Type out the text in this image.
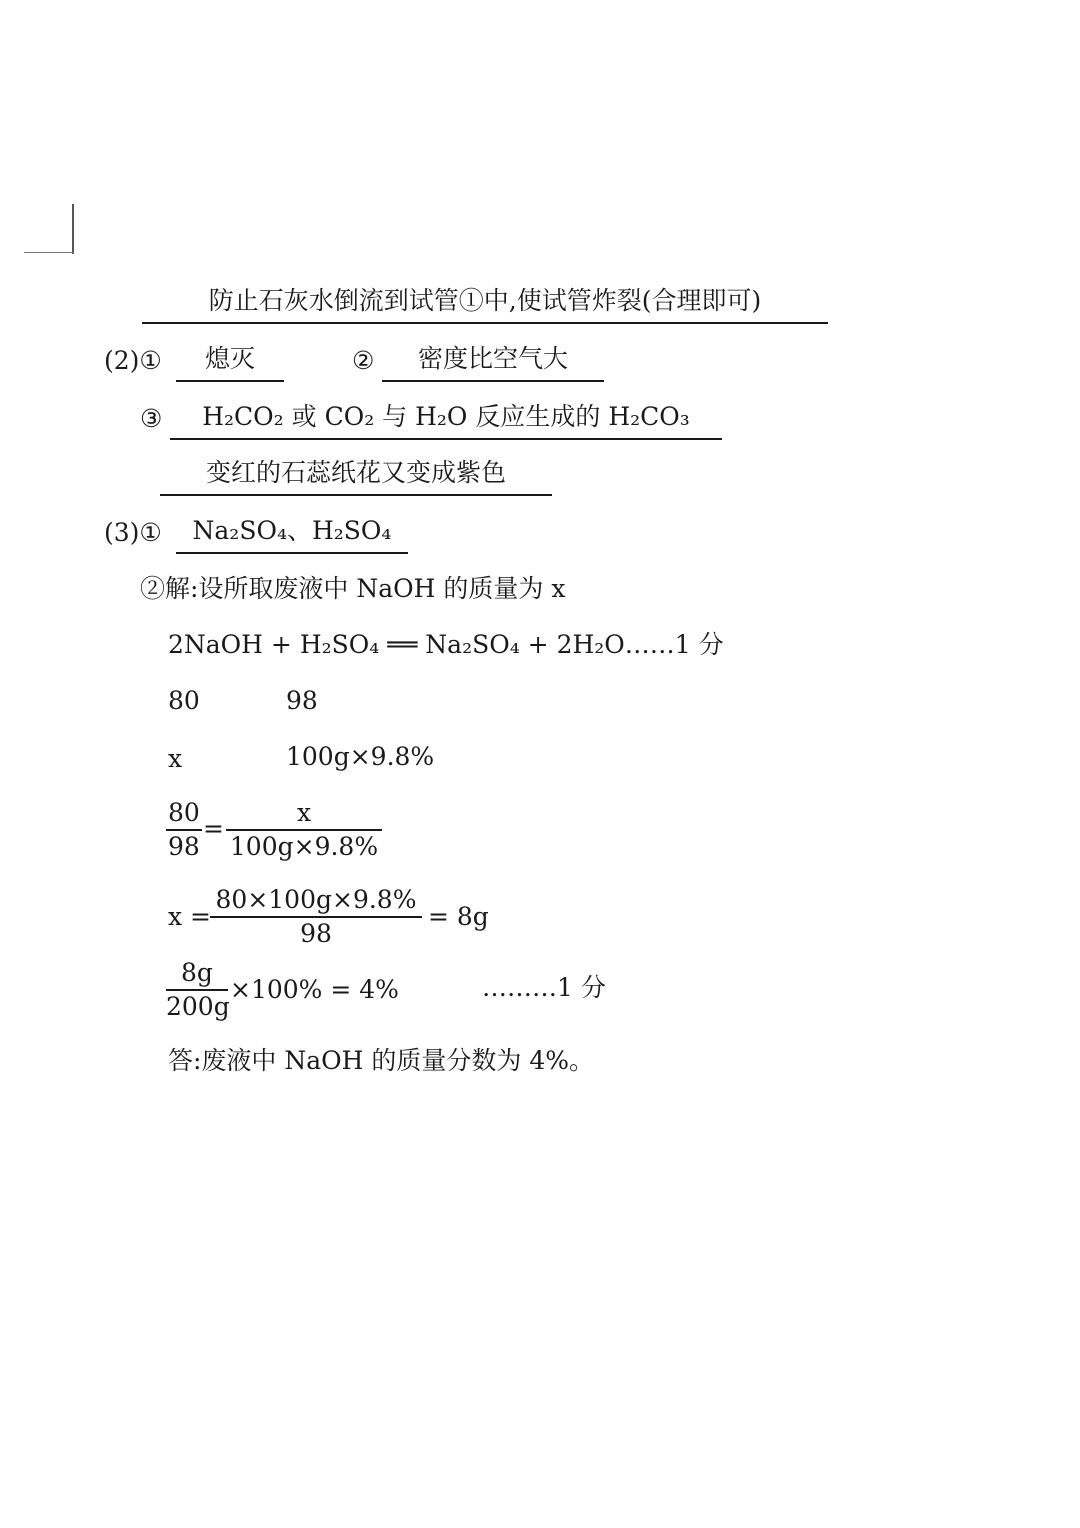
防止石灰水倒流到试管①中,使试管炸裂(合理即可)
(2)①	熄灭	②	密度比空气大
③	H₂CO₂ 或 CO₂ 与 H₂O 反应生成的 H₂CO₃
变红的石蕊纸花又变成紫色
(3)①	Na₂SO₄、H₂SO₄
②解:设所取废液中 NaOH 的质量为 x
2NaOH + H₂SO₄ ══ Na₂SO₄ + 2H₂O……1 分
80	98
x	100g×9.8%
$\frac{80}{98} = \frac{x}{100g\times 9.8\%}$
$x = \frac{80\times 100g\times 9.8\%}{98} = 8g$
$\frac{8g}{200g} \times 100\% = 4\%$	………1 分
答:废液中 NaOH 的质量分数为 4%。
